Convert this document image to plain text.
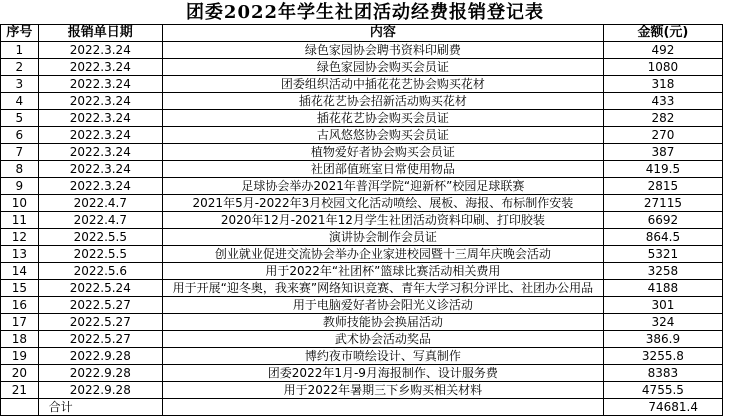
团委2022年学生社团活动经费报销登记表
序号	报销单日期	内容	金额(元)
1	2022.3.24	绿色家园协会聘书资料印刷费	492
2	2022.3.24	绿色家园协会购买会员证	1080
3	2022.3.24	团委组织活动中插花花艺协会购买花材	318
4	2022.3.24	插花花艺协会招新活动购买花材	433
5	2022.3.24	插花花艺协会购买会员证	282
6	2022.3.24	古风悠悠协会购买会员证	270
7	2022.3.24	植物爱好者协会购买会员证	387
8	2022.3.24	社团部值班室日常使用物品	419.5
9	2022.3.24	足球协会举办2021年普洱学院“迎新杯”校园足球联赛	2815
10	2022.4.7	2021年5月-2022年3月校园文化活动喷绘、展板、海报、布标制作安装	27115
11	2022.4.7	2020年12月-2021年12月学生社团活动资料印刷、打印胶装	6692
12	2022.5.5	演讲协会制作会员证	864.5
13	2022.5.5	创业就业促进交流协会举办企业家进校园暨十三周年庆晚会活动	5321
14	2022.5.6	用于2022年“社团杯”篮球比赛活动相关费用	3258
15	2022.5.24	用于开展“迎冬奥，我来赛”网络知识竞赛、青年大学习积分评比、社团办公用品	4188
16	2022.5.27	用于电脑爱好者协会阳光义诊活动	301
17	2022.5.27	教师技能协会换届活动	324
18	2022.5.27	武术协会活动奖品	386.9
19	2022.9.28	博约夜市喷绘设计、写真制作	3255.8
20	2022.9.28	团委2022年1月-9月海报制作、设计服务费	8383
21	2022.9.28	用于2022年暑期三下乡购买相关材料	4755.5
	合计		74681.4
